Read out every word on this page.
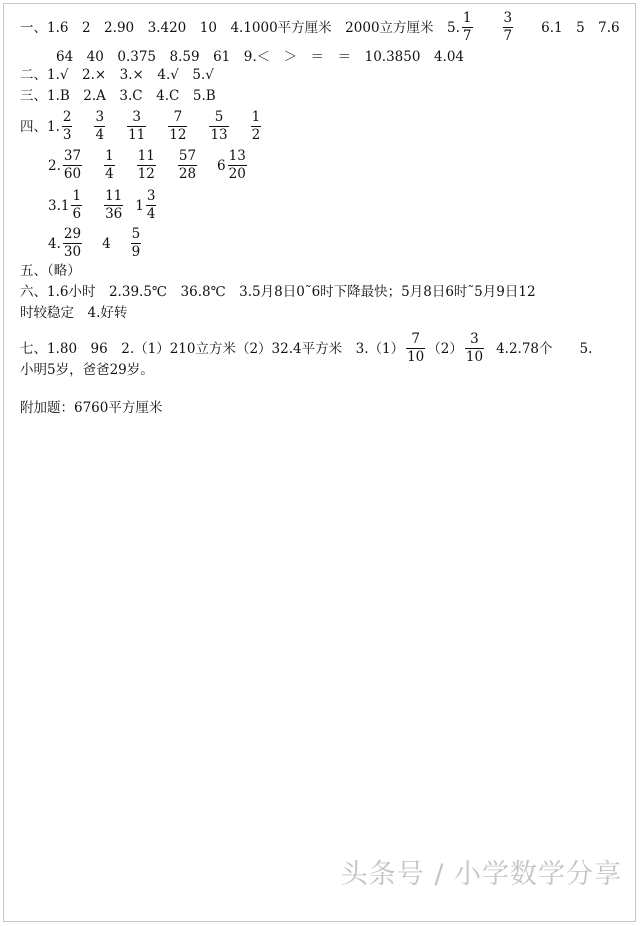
一、1.6　2　2.90　3.420　10　4.1000平方厘米　2000立方厘米　5. $\frac{1}{7} \frac{3}{7} 6.1$　5　7.6
64　40　0.375　8.59　61　9.＜　＞　＝　＝　10.3850　4.04
二、1.√　2.×　3.×　4.√　5.√
三、1.B　2.A　3.C　4.C　5.B
四、1. $\frac{2}{3} \frac{3}{4} \frac{3}{11} \frac{7}{12} \frac{5}{13} \frac{1}{2}$
2. $\frac{37}{60} \frac{1}{4} \frac{11}{12} \frac{57}{28} 6 \frac{13}{20}$
3. $1 \frac{1}{6} \frac{11}{36} 1 \frac{3}{4}$
4. $\frac{29}{30} 4 \frac{5}{9}$
五、（略）
六、1.6小时　2.39.5℃　36.8℃　3.5月8日0˜6时下降最快；5月8日6时˜5月9日12
时较稳定　4.好转
七、1.80　96　2.（1）210立方米（2）32.4平方米　$3.(1) \frac{7}{10} (2) \frac{3}{10} 4.2.78$个　　5.
小明5岁，爸爸29岁。
附加题：6760平方厘米
头条号 / 小学数学分享
